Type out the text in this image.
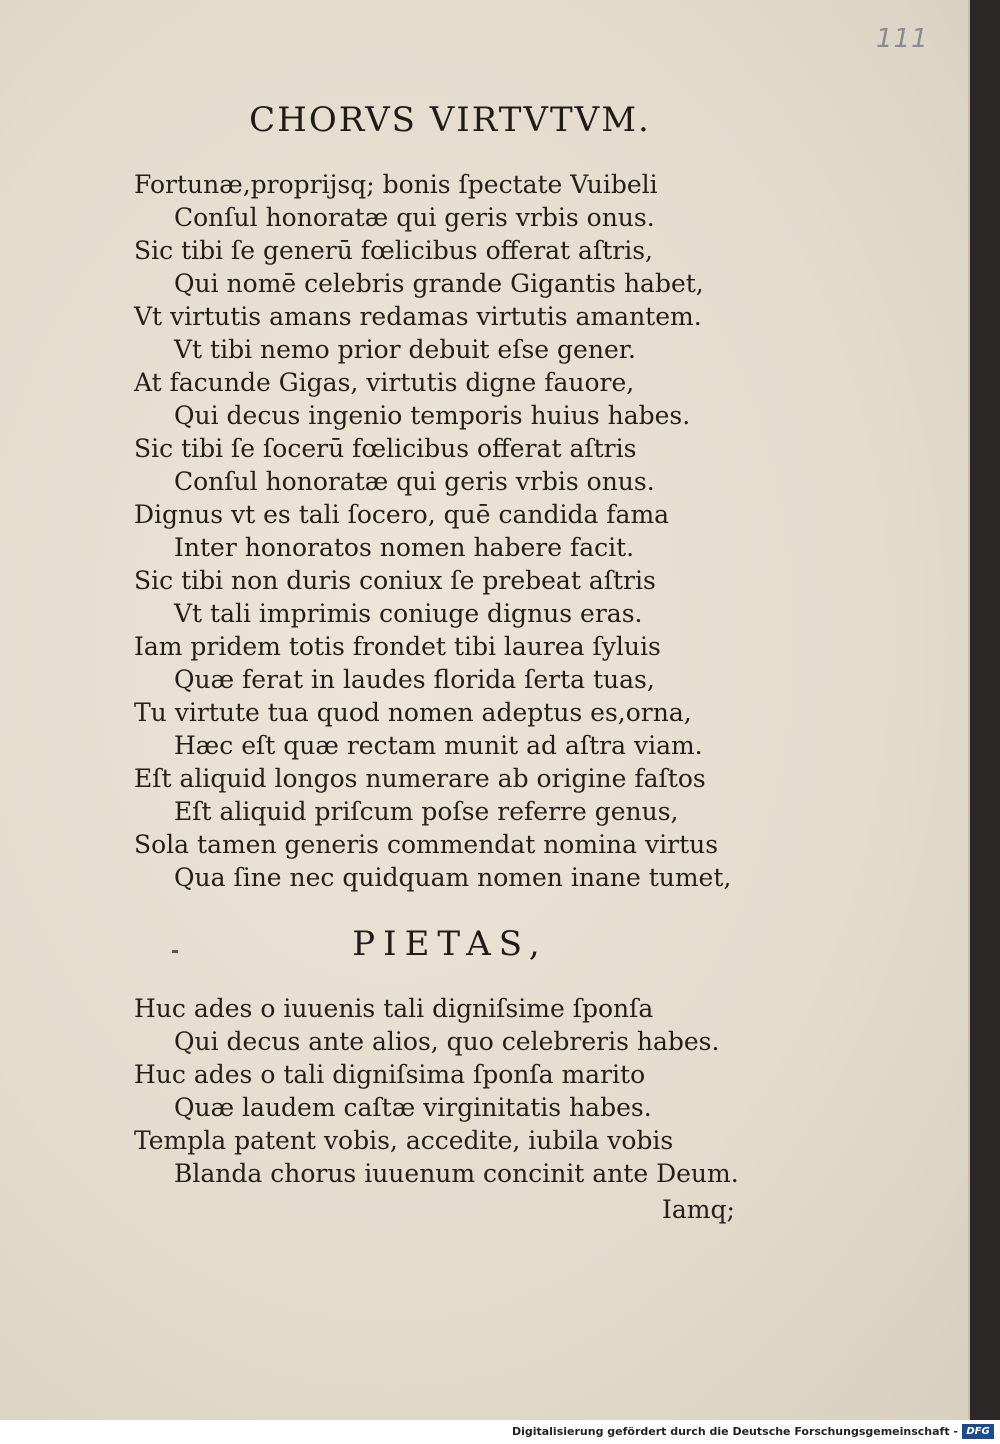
111
CHORVS VIRTVTVM.
Fortunæ,proprijsq; bonis ſpectate Vuibeli
Conſul honoratæ qui geris vrbis onus.
Sic tibi ſe generū fœlicibus offerat aſtris,
Qui nomē celebris grande Gigantis habet,
Vt virtutis amans redamas virtutis amantem.
Vt tibi nemo prior debuit eſse gener.
At facunde Gigas, virtutis digne fauore,
Qui decus ingenio temporis huius habes.
Sic tibi ſe ſocerū fœlicibus offerat aſtris
Conſul honoratæ qui geris vrbis onus.
Dignus vt es tali ſocero, quē candida fama
Inter honoratos nomen habere facit.
Sic tibi non duris coniux ſe prebeat aſtris
Vt tali imprimis coniuge dignus eras.
Iam pridem totis frondet tibi laurea ſyluis
Quæ ferat in laudes florida ſerta tuas,
Tu virtute tua quod nomen adeptus es,orna,
Hæc eſt quæ rectam munit ad aſtra viam.
Eſt aliquid longos numerare ab origine faſtos
Eſt aliquid priſcum poſse referre genus,
Sola tamen generis commendat nomina virtus
Qua ſine nec quidquam nomen inane tumet,
PIETAS,
Huc ades o iuuenis tali digniſsime ſponſa
Qui decus ante alios, quo celebreris habes.
Huc ades o tali digniſsima ſponſa marito
Quæ laudem caſtæ virginitatis habes.
Templa patent vobis, accedite, iubila vobis
Blanda chorus iuuenum concinit ante Deum.
Iamq;
Digitalisierung gefördert durch die Deutsche Forschungsgemeinschaft - DFG
